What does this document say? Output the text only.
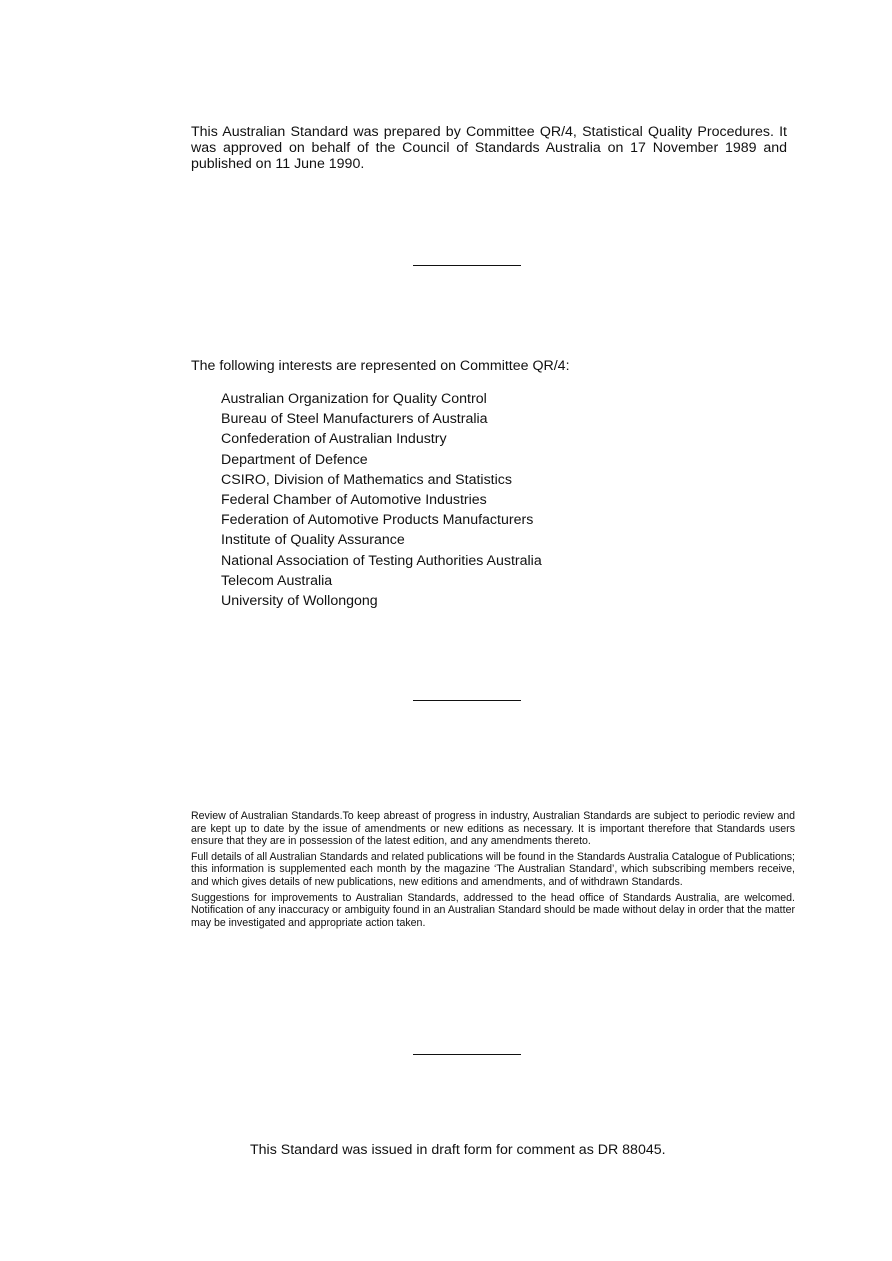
This Australian Standard was prepared by Committee QR/4, Statistical Quality Procedures. It was approved on behalf of the Council of Standards Australia on 17 November 1989 and published on 11 June 1990.

The following interests are represented on Committee QR/4:

Australian Organization for Quality Control
Bureau of Steel Manufacturers of Australia
Confederation of Australian Industry
Department of Defence
CSIRO, Division of Mathematics and Statistics
Federal Chamber of Automotive Industries
Federation of Automotive Products Manufacturers
Institute of Quality Assurance
National Association of Testing Authorities Australia
Telecom Australia
University of Wollongong

Review of Australian Standards.To keep abreast of progress in industry, Australian Standards are subject to periodic review and are kept up to date by the issue of amendments or new editions as necessary. It is important therefore that Standards users ensure that they are in possession of the latest edition, and any amendments thereto.

Full details of all Australian Standards and related publications will be found in the Standards Australia Catalogue of Publications; this information is supplemented each month by the magazine ‘The Australian Standard’, which subscribing members receive, and which gives details of new publications, new editions and amendments, and of withdrawn Standards.

Suggestions for improvements to Australian Standards, addressed to the head office of Standards Australia, are welcomed. Notification of any inaccuracy or ambiguity found in an Australian Standard should be made without delay in order that the matter may be investigated and appropriate action taken.

This Standard was issued in draft form for comment as DR 88045.
